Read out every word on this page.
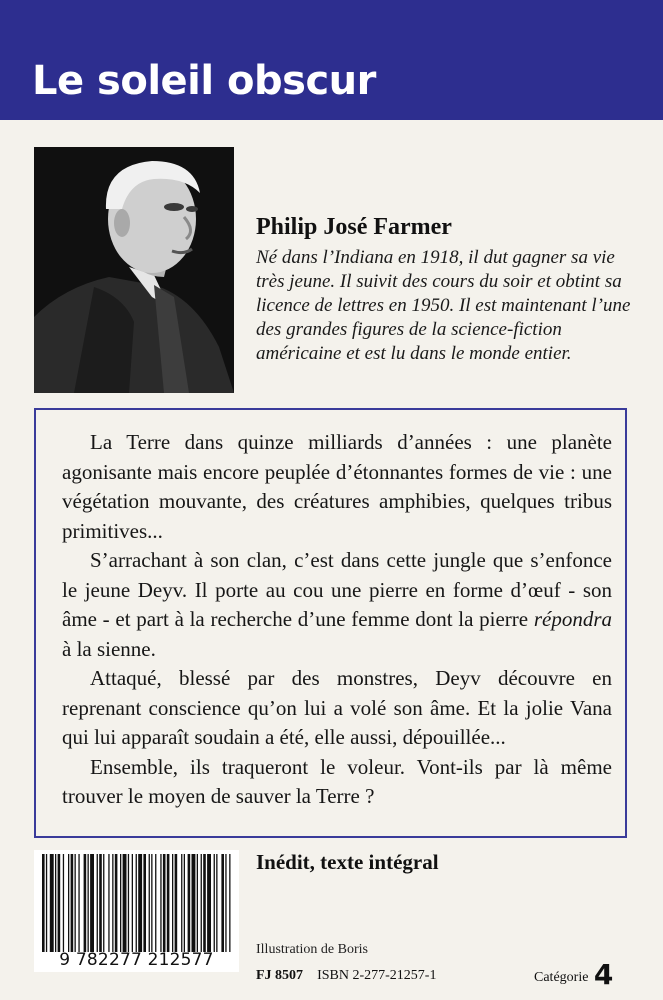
Le soleil obscur
Philip José Farmer
Né dans l’Indiana en 1918, il dut gagner sa vie très jeune. Il suivit des cours du soir et obtint sa licence de lettres en 1950. Il est maintenant l’une des grandes figures de la science-fiction américaine et est lu dans le monde entier.

La Terre dans quinze milliards d’années : une planète agonisante mais encore peuplée d’étonnantes formes de vie : une végétation mouvante, des créatures amphibies, quelques tribus primitives...

S’arrachant à son clan, c’est dans cette jungle que s’enfonce le jeune Deyv. Il porte au cou une pierre en forme d’œuf - son âme - et part à la recherche d’une femme dont la pierre répondra à la sienne.

Attaqué, blessé par des monstres, Deyv découvre en reprenant conscience qu’on lui a volé son âme. Et la jolie Vana qui lui apparaît soudain a été, elle aussi, dépouillée...

Ensemble, ils traqueront le voleur. Vont-ils par là même trouver le moyen de sauver la Terre ?

9 782277 212577
Inédit, texte intégral
Illustration de Boris
FJ 8507 ISBN 2-277-21257-1	Catégorie 4
